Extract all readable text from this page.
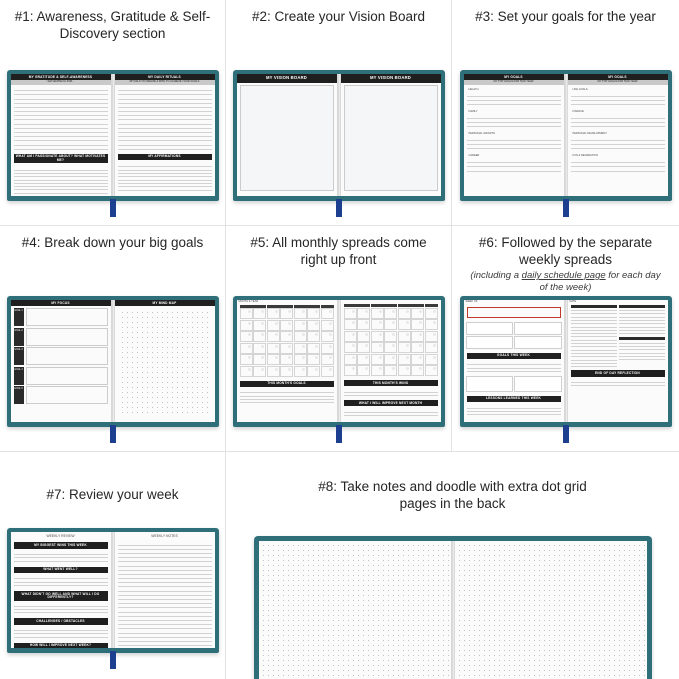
#1: Awareness, Gratitude & Self-Discovery section
MY GRATITUDE & SELF-AWARENESS
I AM GRATEFUL FOR...
WHAT AM I PASSIONATE ABOUT? WHAT MOTIVATES ME?
MY DAILY RITUALS
RITUALS TO CREATE A PATH TO ACHIEVE YOUR GOALS
MY AFFIRMATIONS
#2: Create your Vision Board
MY VISION BOARD	MY VISION BOARD
#3: Set your goals for the year
MY GOALS
MY TOP GOALS FOR THIS YEAR
HEALTH
FAMILY
PERSONAL GROWTH
CAREER
MY GOALS
MY TOP GOALS FOR THIS YEAR
LIFE GOALS
FINANCE
PERSONAL DEVELOPMENT
FUN & RECREATION
#4: Break down your big goals
MY FOCUS
GOAL 1
GOAL 2
GOAL 3
GOAL 4
GOAL 5
MY MIND MAP
#5: All monthly spreads come right up front
MONTH & YEAR
THIS MONTH'S GOALS	THIS MONTH'S WINS
WHAT I WILL IMPROVE NEXT MONTH
#6: Followed by the separate weekly spreads
(including a daily schedule page for each day of the week)
WEEK OF
GOALS THIS WEEK
LESSONS LEARNED THIS WEEK
DATE
END OF DAY REFLECTION
#7: Review your week
WEEKLY REVIEW
MY BIGGEST WINS THIS WEEK
WHAT WENT WELL?
WHAT DIDN'T GO WELL AND WHAT WILL I DO DIFFERENTLY?
CHALLENGES / OBSTACLES
HOW WILL I IMPROVE NEXT WEEK?
WEEKLY NOTES
#8: Take notes and doodle with extra dot grid pages in the back
